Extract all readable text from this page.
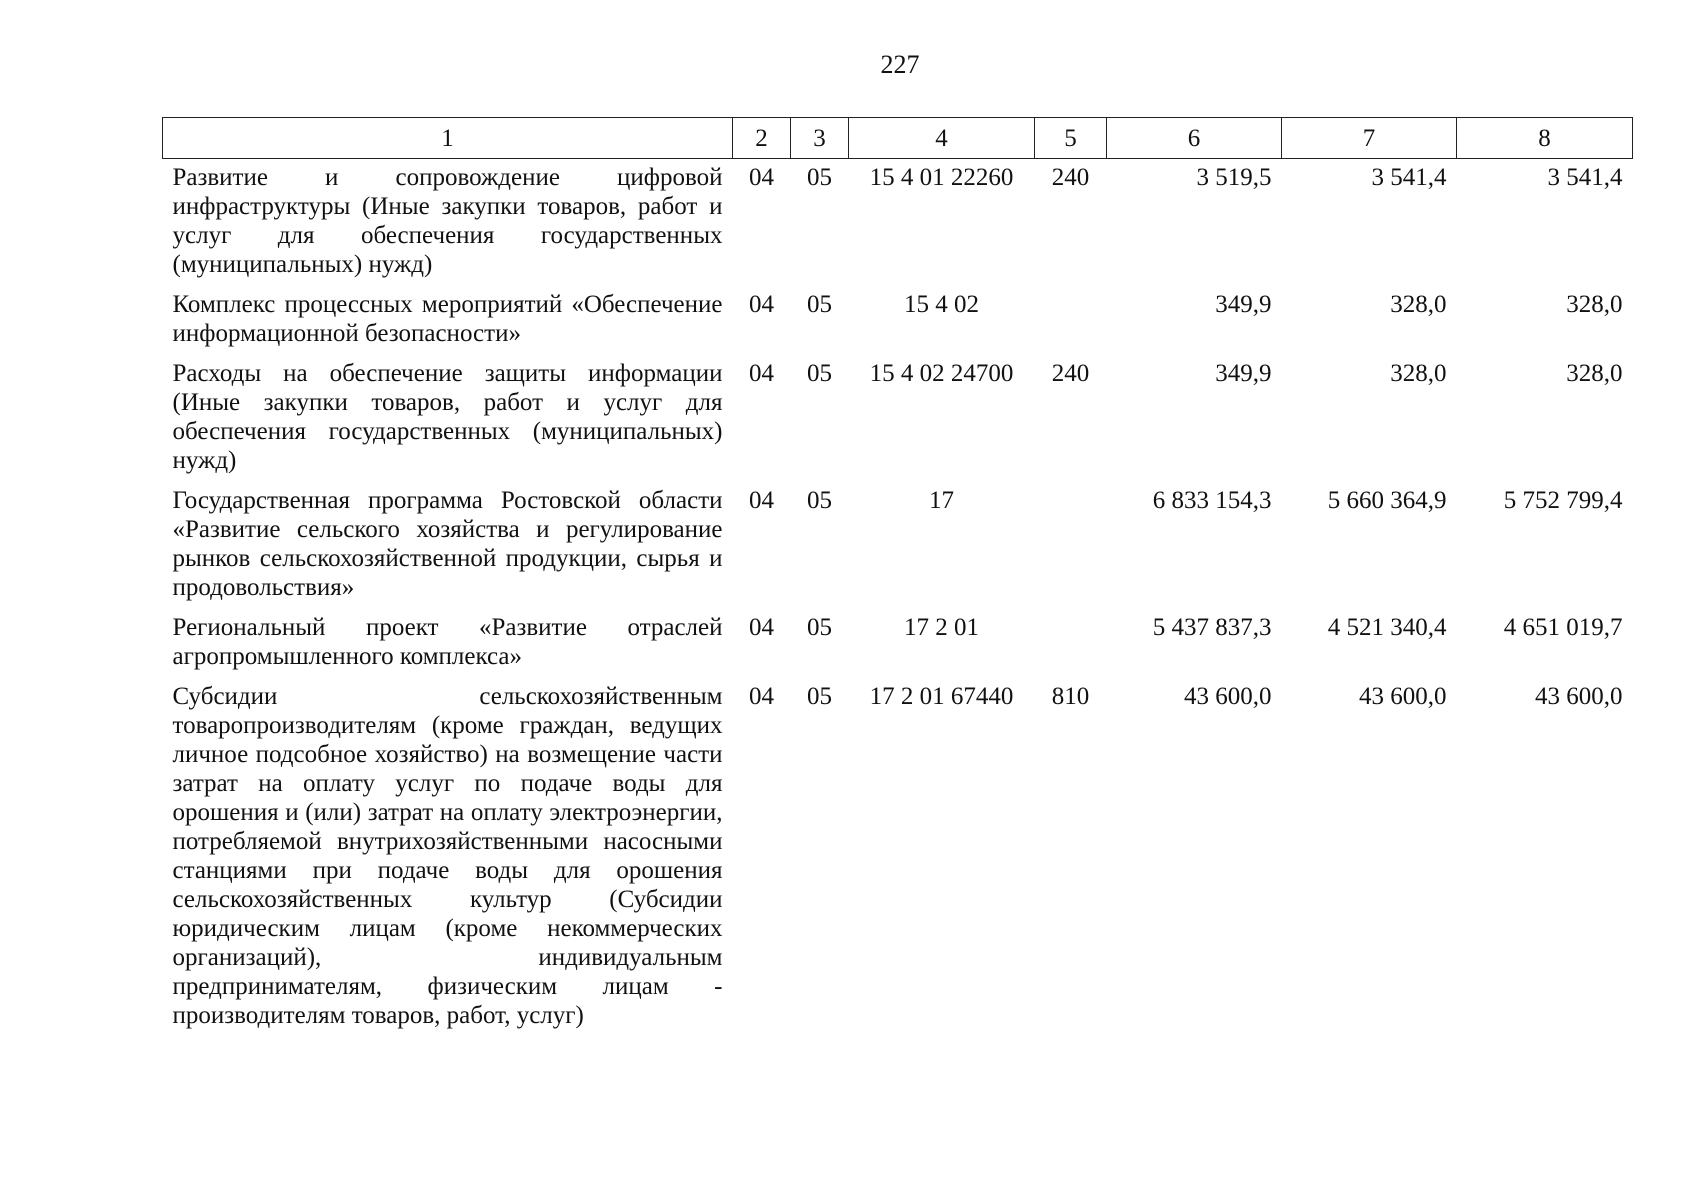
227
1	2	3	4	5	6	7	8
Развитие и сопровождение цифровой инфраструктуры (Иные закупки товаров, работ и услуг для обеспечения государственных (муниципальных) нужд)	04	05	15 4 01 22260	240	3 519,5	3 541,4	3 541,4
Комплекс процессных мероприятий «Обеспечение информационной безопасности»	04	05	15 4 02		349,9	328,0	328,0
Расходы на обеспечение защиты информации (Иные закупки товаров, работ и услуг для обеспечения государственных (муниципальных) нужд)	04	05	15 4 02 24700	240	349,9	328,0	328,0
Государственная программа Ростовской области «Развитие сельского хозяйства и регулирование рынков сельскохозяйственной продукции, сырья и продовольствия»	04	05	17		6 833 154,3	5 660 364,9	5 752 799,4
Региональный проект «Развитие отраслей агропромышленного комплекса»	04	05	17 2 01		5 437 837,3	4 521 340,4	4 651 019,7
Субсидии сельскохозяйственным товаропроизводителям (кроме граждан, ведущих личное подсобное хозяйство) на возмещение части затрат на оплату услуг по подаче воды для орошения и (или) затрат на оплату электроэнергии, потребляемой внутрихозяйственными насосными станциями при подаче воды для орошения сельскохозяйственных культур (Субсидии юридическим лицам (кроме некоммерческих организаций), индивидуальным предпринимателям, физическим лицам - производителям товаров, работ, услуг)	04	05	17 2 01 67440	810	43 600,0	43 600,0	43 600,0
